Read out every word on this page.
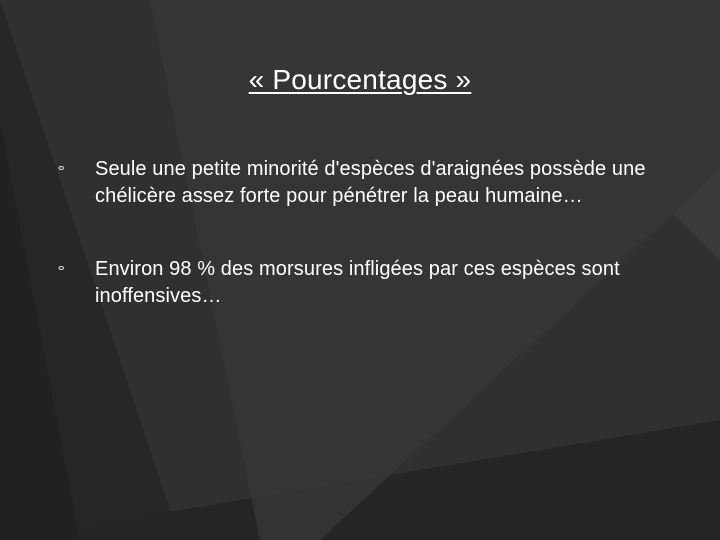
« Pourcentages »
ⴰ Seule une petite minorité d'espèces d'araignées possède une chélicère assez forte pour pénétrer la peau humaine…
ⴰ Environ 98 % des morsures infligées par ces espèces sont inoffensives…
